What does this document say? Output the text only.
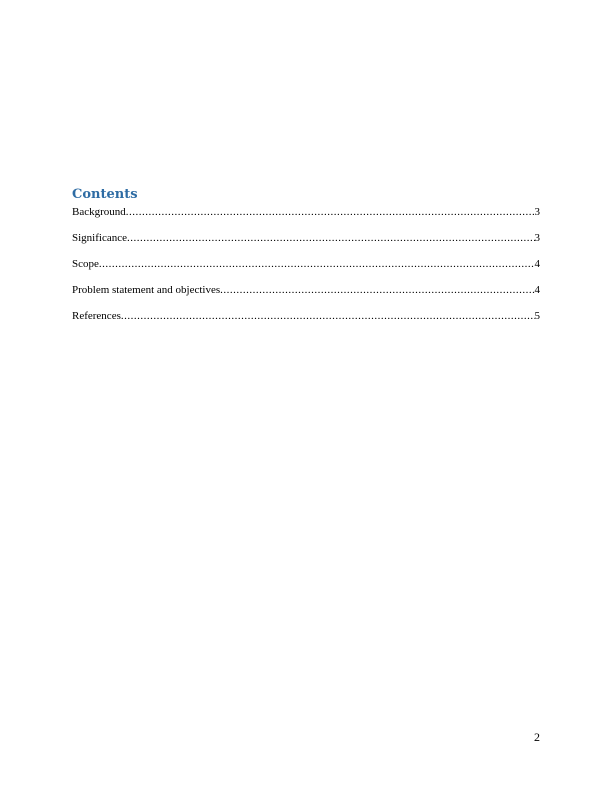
Contents
Background .....	3
Significance .....	3
Scope .....	4
Problem statement and objectives .....	4
References .....	5
2
